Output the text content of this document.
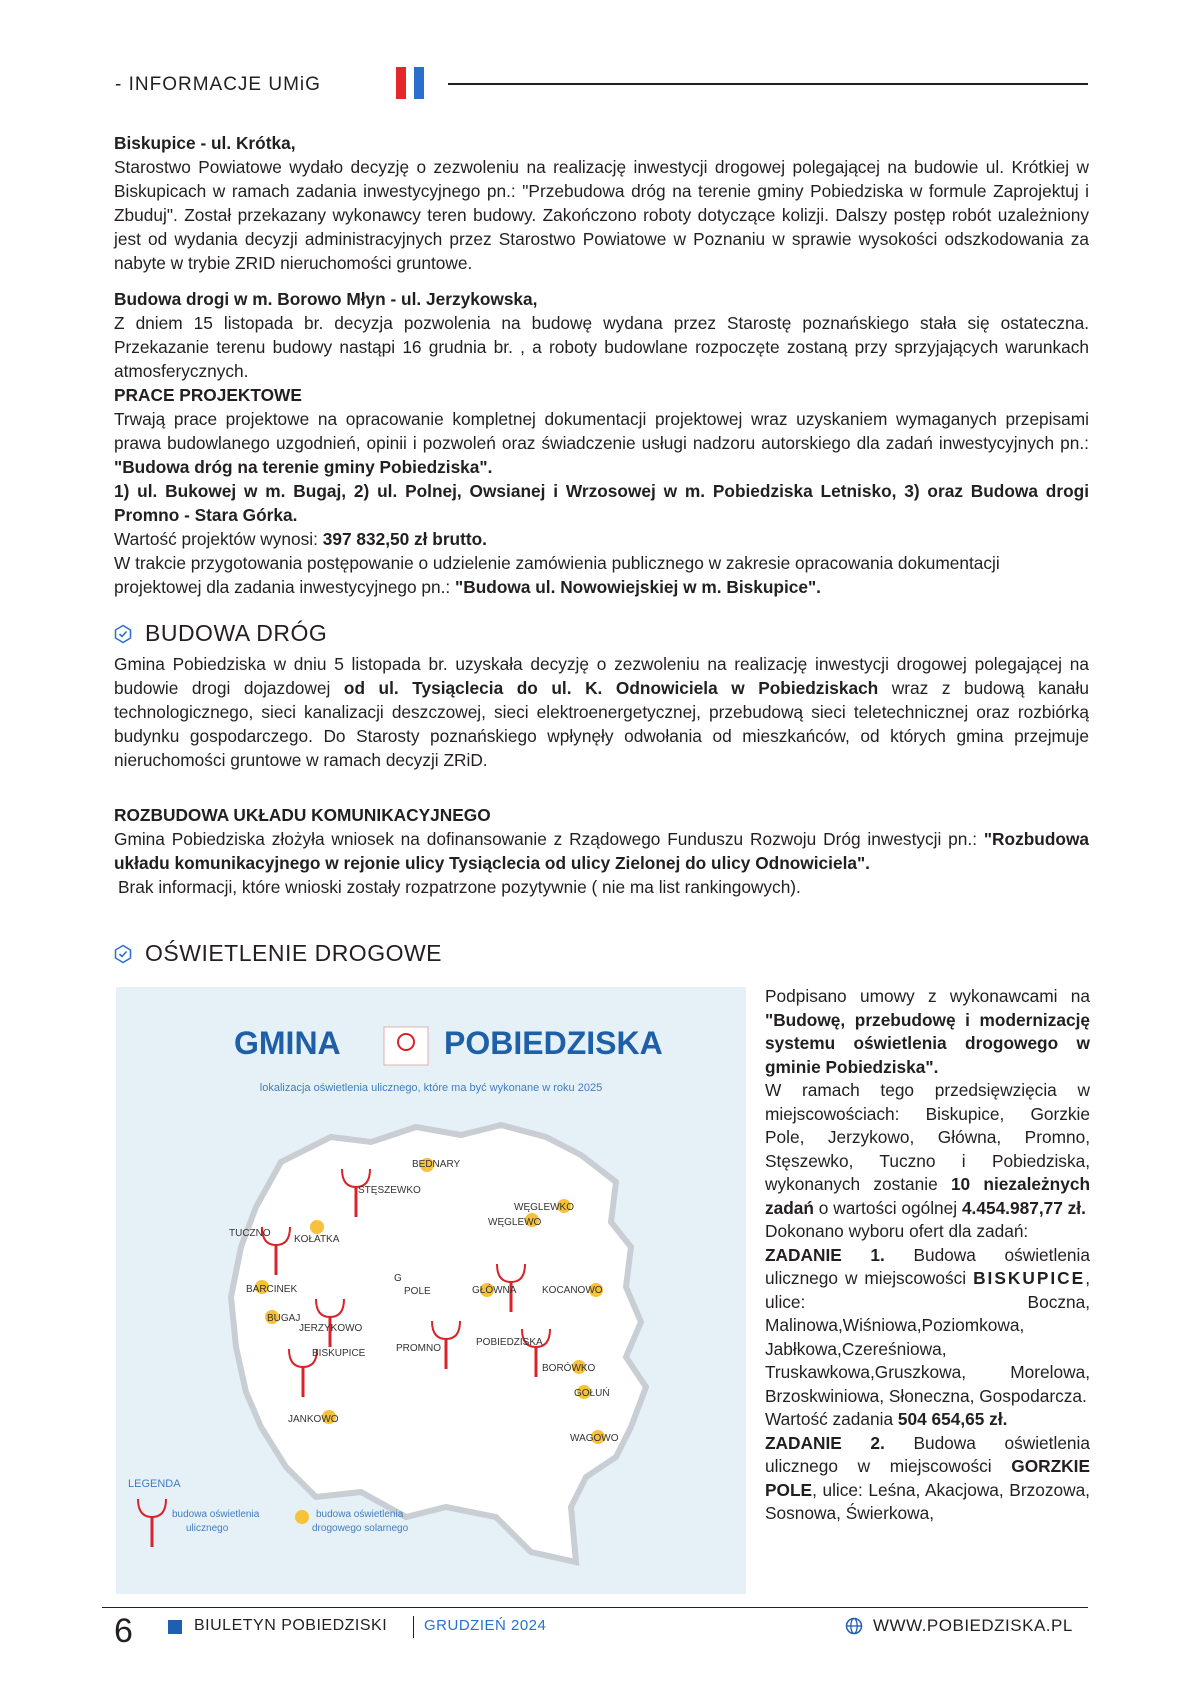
- INFORMACJE UMiG

Biskupice - ul. Krótka,

Starostwo Powiatowe wydało decyzję o zezwoleniu na realizację inwestycji drogowej polegającej na budowie ul. Krótkiej w Biskupicach w ramach zadania inwestycyjnego pn.: "Przebudowa dróg na terenie gminy Pobiedziska w formule Zaprojektuj i Zbuduj". Został przekazany wykonawcy teren budowy. Zakończono roboty dotyczące kolizji. Dalszy postęp robót uzależniony jest od wydania decyzji administracyjnych przez Starostwo Powiatowe w Poznaniu w sprawie wysokości odszkodowania za nabyte w trybie ZRID nieruchomości gruntowe.

Budowa drogi w m. Borowo Młyn - ul. Jerzykowska,

Z dniem 15 listopada br. decyzja pozwolenia na budowę wydana przez Starostę poznańskiego stała się ostateczna. Przekazanie terenu budowy nastąpi 16 grudnia br. , a roboty budowlane rozpoczęte zostaną przy sprzyjających warunkach atmosferycznych.

PRACE PROJEKTOWE

Trwają prace projektowe na opracowanie kompletnej dokumentacji projektowej wraz uzyskaniem wymaganych przepisami prawa budowlanego uzgodnień, opinii i pozwoleń oraz świadczenie usługi nadzoru autorskiego dla zadań inwestycyjnych pn.: "Budowa dróg na terenie gminy Pobiedziska".

1) ul. Bukowej w m. Bugaj, 2) ul. Polnej, Owsianej i Wrzosowej w m. Pobiedziska Letnisko, 3) oraz Budowa drogi Promno - Stara Górka.

Wartość projektów wynosi: 397 832,50 zł brutto.

W trakcie przygotowania postępowanie o udzielenie zamówienia publicznego w zakresie opracowania dokumentacji projektowej dla zadania inwestycyjnego pn.: "Budowa ul. Nowowiejskiej w m. Biskupice".

BUDOWA DRÓG

Gmina Pobiedziska w dniu 5 listopada br. uzyskała decyzję o zezwoleniu na realizację inwestycji drogowej polegającej na budowie drogi dojazdowej od ul. Tysiąclecia do ul. K. Odnowiciela w Pobiedziskach wraz z budową kanału technologicznego, sieci kanalizacji deszczowej, sieci elektroenergetycznej, przebudową sieci teletechnicznej oraz rozbiórką budynku gospodarczego. Do Starosty poznańskiego wpłynęły odwołania od mieszkańców, od których gmina przejmuje nieruchomości gruntowe w ramach decyzji ZRiD.

ROZBUDOWA UKŁADU KOMUNIKACYJNEGO

Gmina Pobiedziska złożyła wniosek na dofinansowanie z Rządowego Funduszu Rozwoju Dróg inwestycji pn.: "Rozbudowa układu komunikacyjnego w rejonie ulicy Tysiąclecia od ulicy Zielonej do ulicy Odnowiciela".

Brak informacji, które wnioski zostały rozpatrzone pozytywnie ( nie ma list rankingowych).

OŚWIETLENIE DROGOWE
GMINA	POBIEDZISKA
lokalizacja oświetlenia ulicznego, które ma być wykonane w roku 2025
BEDNARY
STĘSZEWKO
WĘGLEWKO
WĘGLEWO
TUCZNO
KOŁATKA
G
POLE	GŁÓWNA	KOCANOWO
BARCINEK
BUGAJ
JERZYKOWO
BISKUPICE	PROMNO
POBIEDZISKA
BORÓWKO
GOŁUŃ
JANKOWO
WAGOWO
LEGENDA
budowa oświetlenia
ulicznego
budowa oświetlenia
drogowego solarnego

Podpisano umowy z wykonawcami na "Budowę, przebudowę i modernizację systemu oświetlenia drogowego w gminie Pobiedziska".

W ramach tego przedsięwzięcia w miejscowościach: Biskupice, Gorzkie Pole, Jerzykowo, Główna, Promno, Stęszewko, Tuczno i Pobiedziska, wykonanych zostanie 10 niezależnych zadań o wartości ogólnej 4.454.987,77 zł.

Dokonano wyboru ofert dla zadań:

ZADANIE 1. Budowa oświetlenia ulicznego w miejscowości BISKUPICE, ulice: Boczna, Malinowa,Wiśniowa,Poziomkowa, Jabłkowa,Czereśniowa, Truskawkowa,Gruszkowa, Morelowa, Brzoskwiniowa, Słoneczna, Gospodarcza.

Wartość zadania 504 654,65 zł.

ZADANIE 2. Budowa oświetlenia ulicznego w miejscowości GORZKIE POLE, ulice: Leśna, Akacjowa, Brzozowa, Sosnowa, Świerkowa,

6	BIULETYN POBIEDZISKI GRUDZIEŃ 2024	WWW.POBIEDZISKA.PL
